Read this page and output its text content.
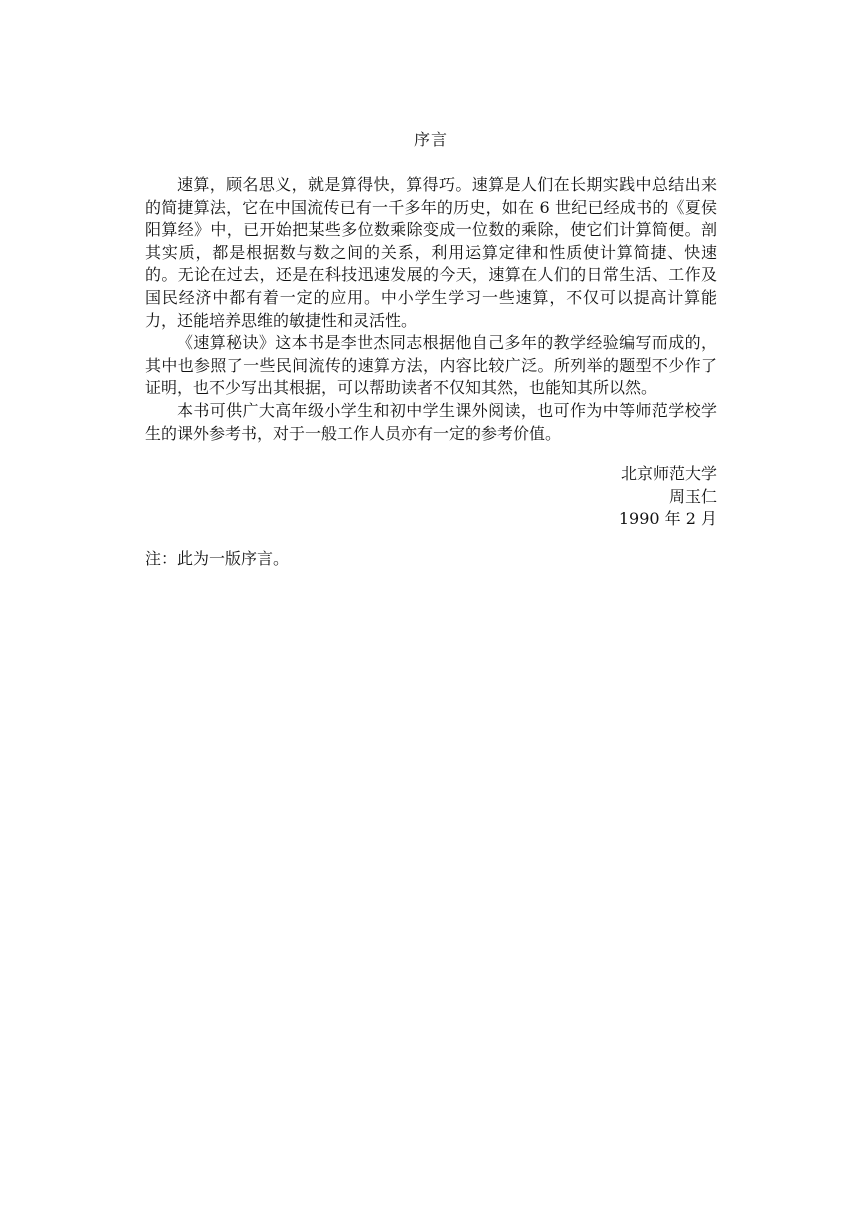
序言

速算，顾名思义，就是算得快，算得巧。速算是人们在长期实践中总结出来的简捷算法，它在中国流传已有一千多年的历史，如在 6 世纪已经成书的《夏侯阳算经》中，已开始把某些多位数乘除变成一位数的乘除，使它们计算简便。剖其实质，都是根据数与数之间的关系，利用运算定律和性质使计算简捷、快速的。无论在过去，还是在科技迅速发展的今天，速算在人们的日常生活、工作及国民经济中都有着一定的应用。中小学生学习一些速算，不仅可以提高计算能力，还能培养思维的敏捷性和灵活性。

《速算秘诀》这本书是李世杰同志根据他自己多年的教学经验编写而成的，其中也参照了一些民间流传的速算方法，内容比较广泛。所列举的题型不少作了证明，也不少写出其根据，可以帮助读者不仅知其然，也能知其所以然。

本书可供广大高年级小学生和初中学生课外阅读，也可作为中等师范学校学生的课外参考书，对于一般工作人员亦有一定的参考价值。

北京师范大学
周玉仁
1990 年 2 月
注：此为一版序言。
